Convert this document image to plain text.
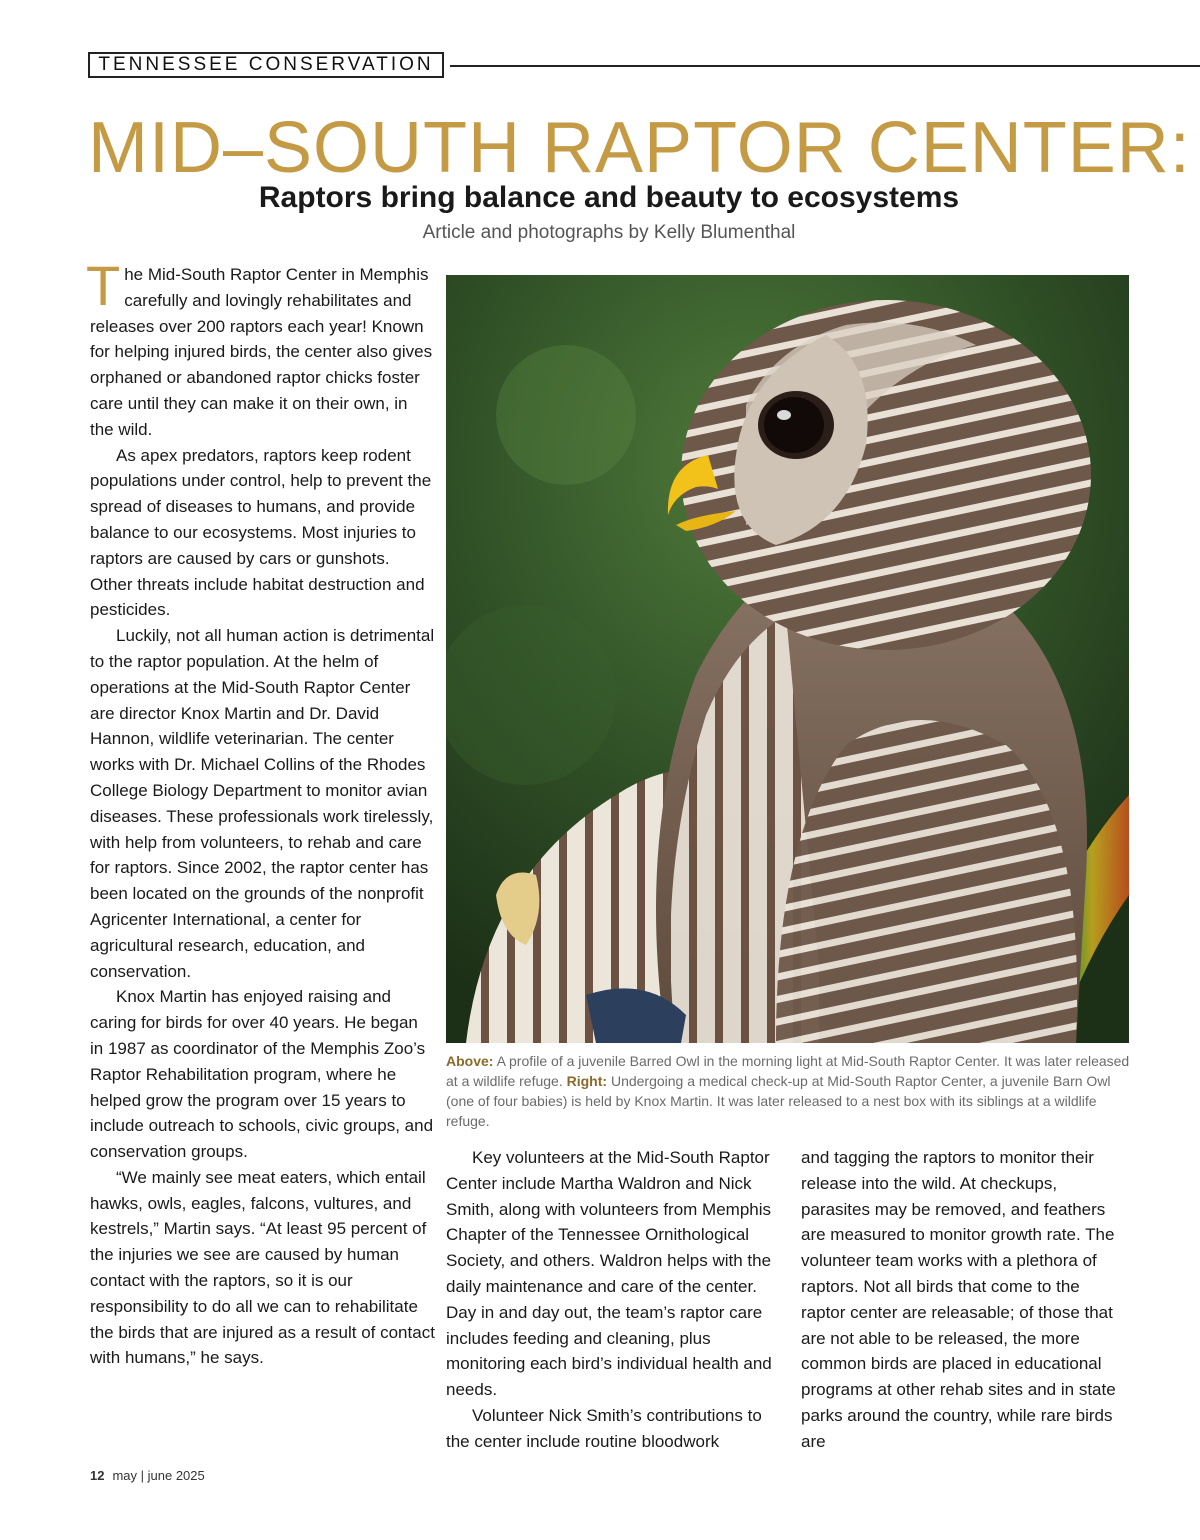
TENNESSEE CONSERVATION
MID–SOUTH RAPTOR CENTER:
Raptors bring balance and beauty to ecosystems
Article and photographs by Kelly Blumenthal

The Mid-South Raptor Center in Memphis carefully and lovingly rehabilitates and releases over 200 raptors each year! Known for helping injured birds, the center also gives orphaned or abandoned raptor chicks foster care until they can make it on their own, in the wild.

As apex predators, raptors keep rodent populations under control, help to prevent the spread of diseases to humans, and provide balance to our ecosystems. Most injuries to raptors are caused by cars or gunshots. Other threats include habitat destruction and pesticides.

Luckily, not all human action is detrimental to the raptor population. At the helm of operations at the Mid-South Raptor Center are director Knox Martin and Dr. David Hannon, wildlife veterinarian. The center works with Dr. Michael Collins of the Rhodes College Biology Department to monitor avian diseases. These professionals work tirelessly, with help from volunteers, to rehab and care for raptors. Since 2002, the raptor center has been located on the grounds of the nonprofit Agricenter International, a center for agricultural research, education, and conservation.

Knox Martin has enjoyed raising and caring for birds for over 40 years. He began in 1987 as coordinator of the Memphis Zoo’s Raptor Rehabilitation program, where he helped grow the program over 15 years to include outreach to schools, civic groups, and conservation groups.

“We mainly see meat eaters, which entail hawks, owls, eagles, falcons, vultures, and kestrels,” Martin says. “At least 95 percent of the injuries we see are caused by human contact with the raptors, so it is our responsibility to do all we can to rehabilitate the birds that are injured as a result of contact with humans,” he says.

Above: A profile of a juvenile Barred Owl in the morning light at Mid-South Raptor Center. It was later released at a wildlife refuge. Right: Undergoing a medical check-up at Mid-South Raptor Center, a juvenile Barn Owl (one of four babies) is held by Knox Martin. It was later released to a nest box with its siblings at a wildlife refuge.

Key volunteers at the Mid-South Raptor Center include Martha Waldron and Nick Smith, along with volunteers from Memphis Chapter of the Tennessee Ornithological Society, and others. Waldron helps with the daily maintenance and care of the center. Day in and day out, the team’s raptor care includes feeding and cleaning, plus monitoring each bird’s individual health and needs.

Volunteer Nick Smith’s contributions to the center include routine bloodwork

and tagging the raptors to monitor their release into the wild. At checkups, parasites may be removed, and feathers are measured to monitor growth rate. The volunteer team works with a plethora of raptors. Not all birds that come to the raptor center are releasable; of those that are not able to be released, the more common birds are placed in educational programs at other rehab sites and in state parks around the country, while rare birds are

12 may | june 2025
